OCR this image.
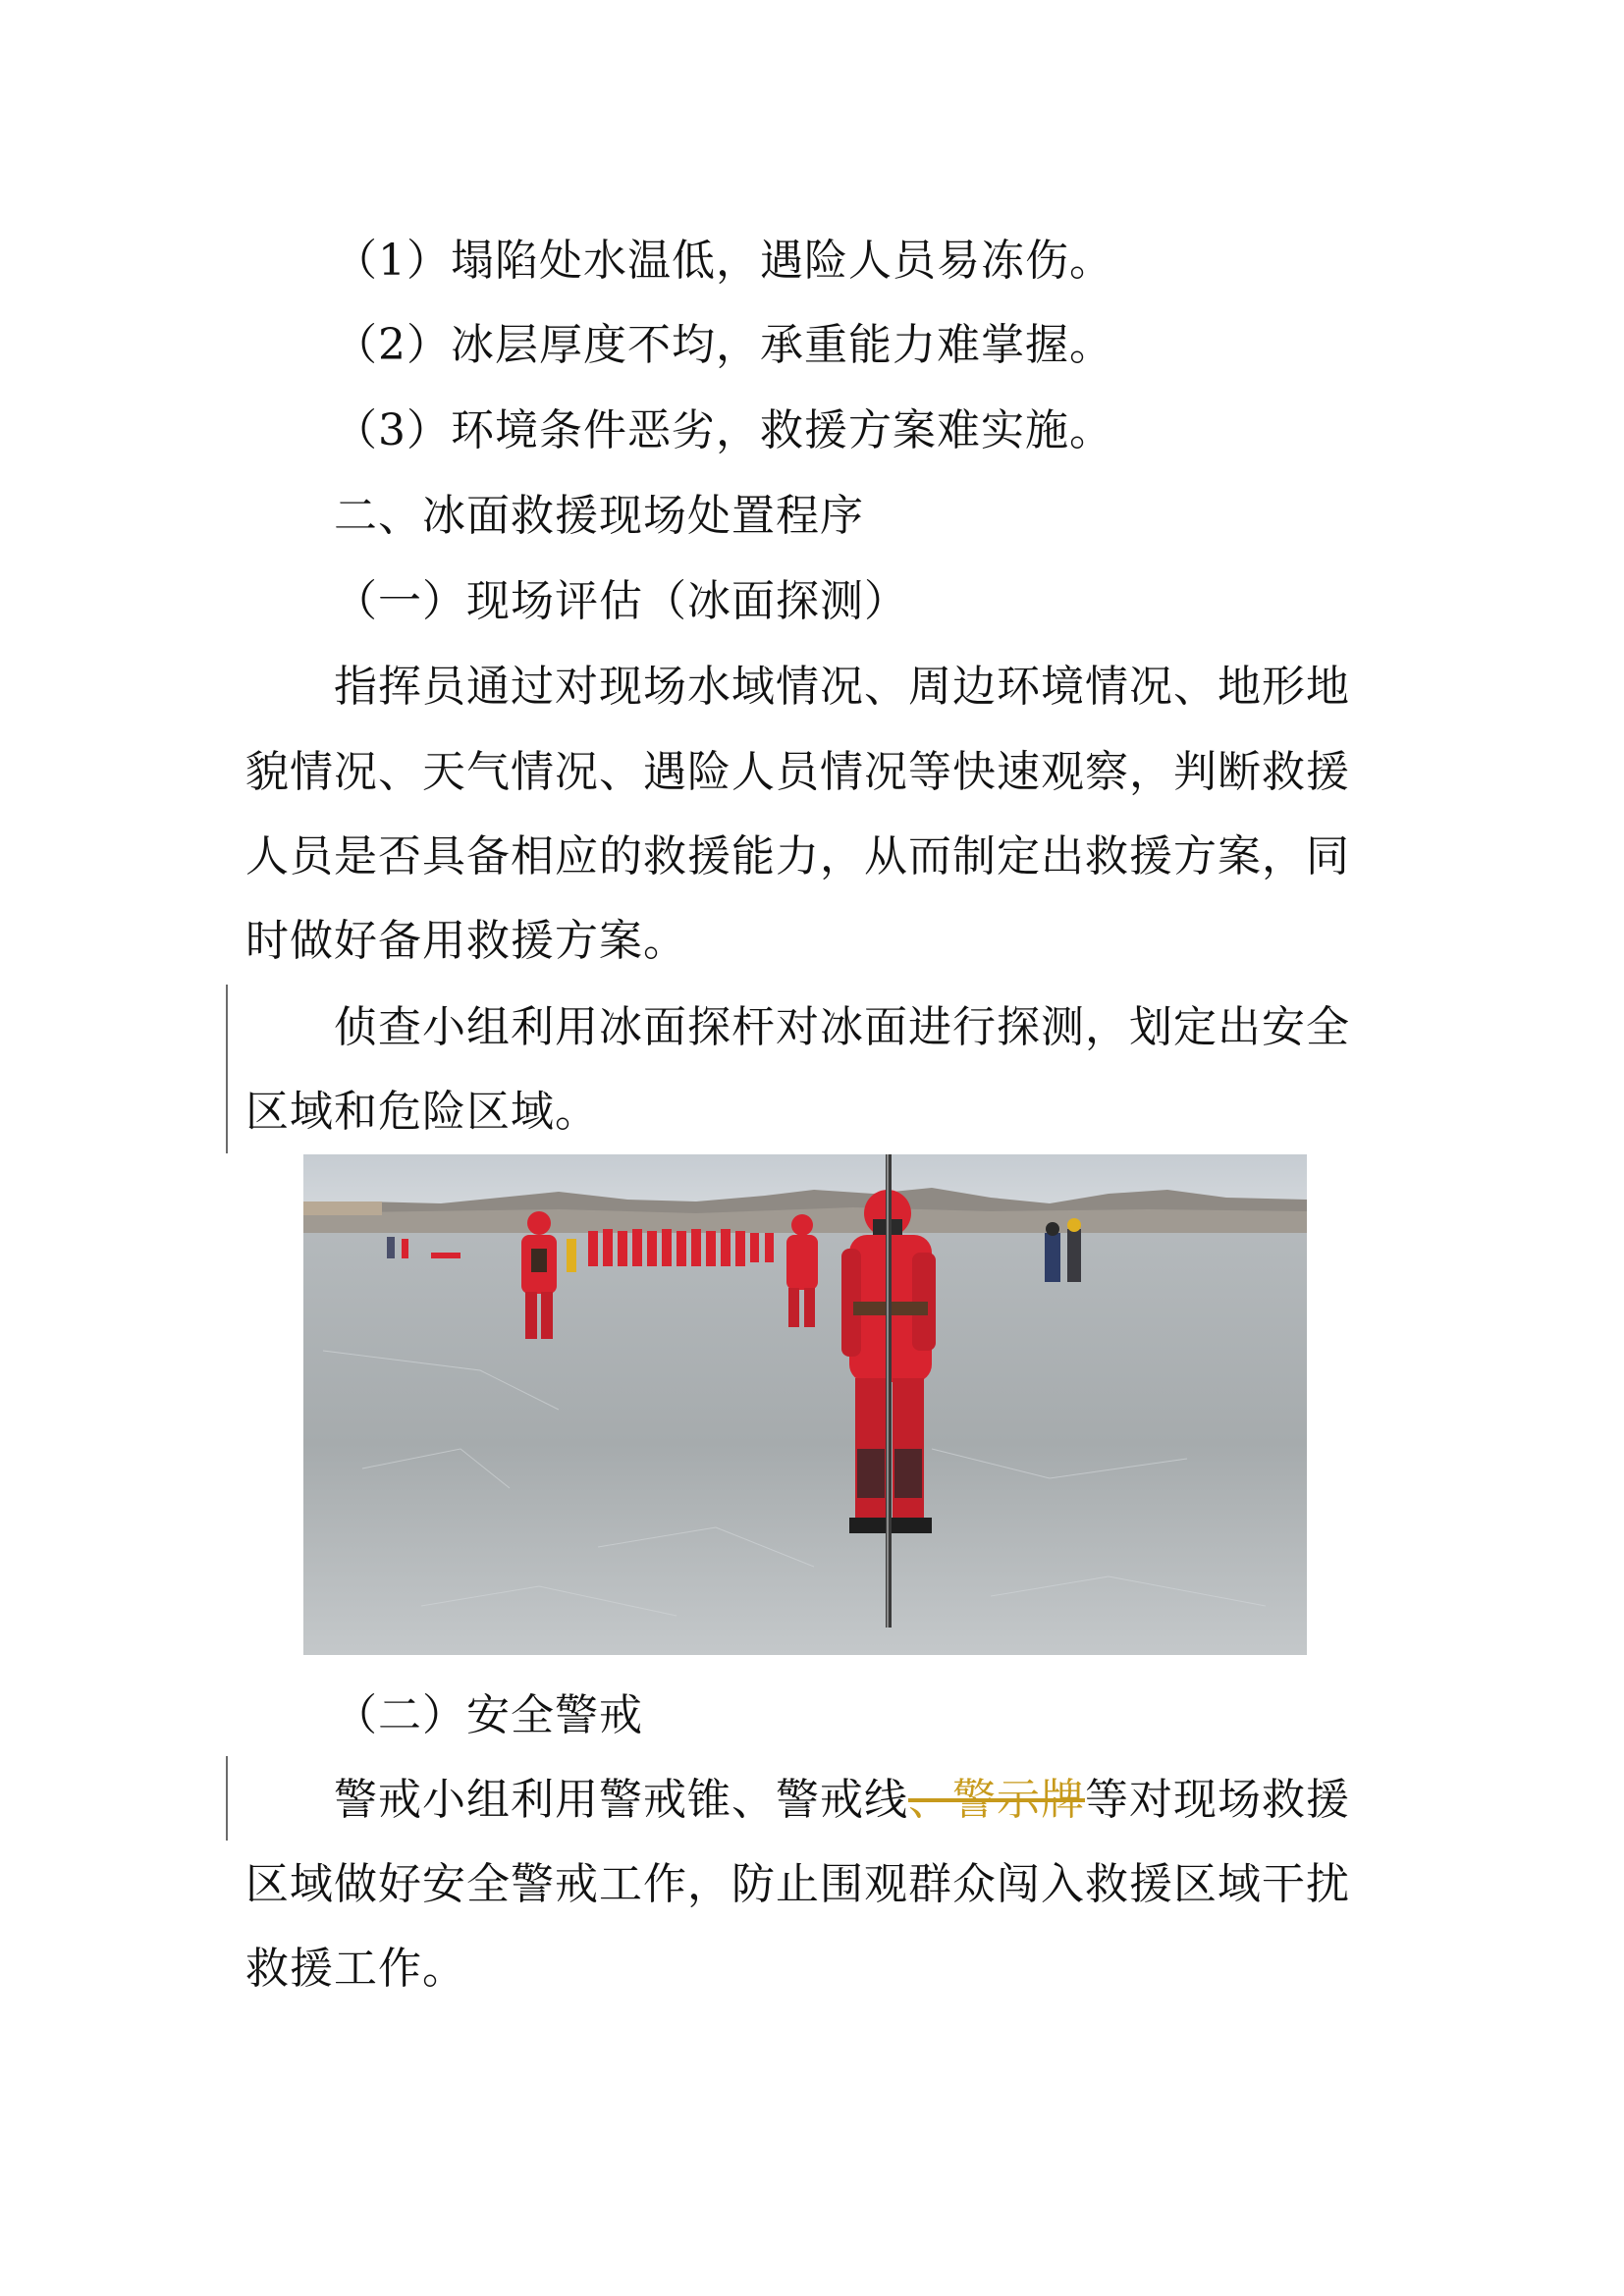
（1）塌陷处水温低，遇险人员易冻伤。
（2）冰层厚度不均，承重能力难掌握。
（3）环境条件恶劣，救援方案难实施。
二、冰面救援现场处置程序
（一）现场评估（冰面探测）
指挥员通过对现场水域情况、周边环境情况、地形地
貌情况、天气情况、遇险人员情况等快速观察，判断救援
人员是否具备相应的救援能力，从而制定出救援方案，同
时做好备用救援方案。
侦查小组利用冰面探杆对冰面进行探测，划定出安全
区域和危险区域。
（二）安全警戒
警戒小组利用警戒锥、警戒线、警示牌等对现场救援
区域做好安全警戒工作，防止围观群众闯入救援区域干扰
救援工作。
